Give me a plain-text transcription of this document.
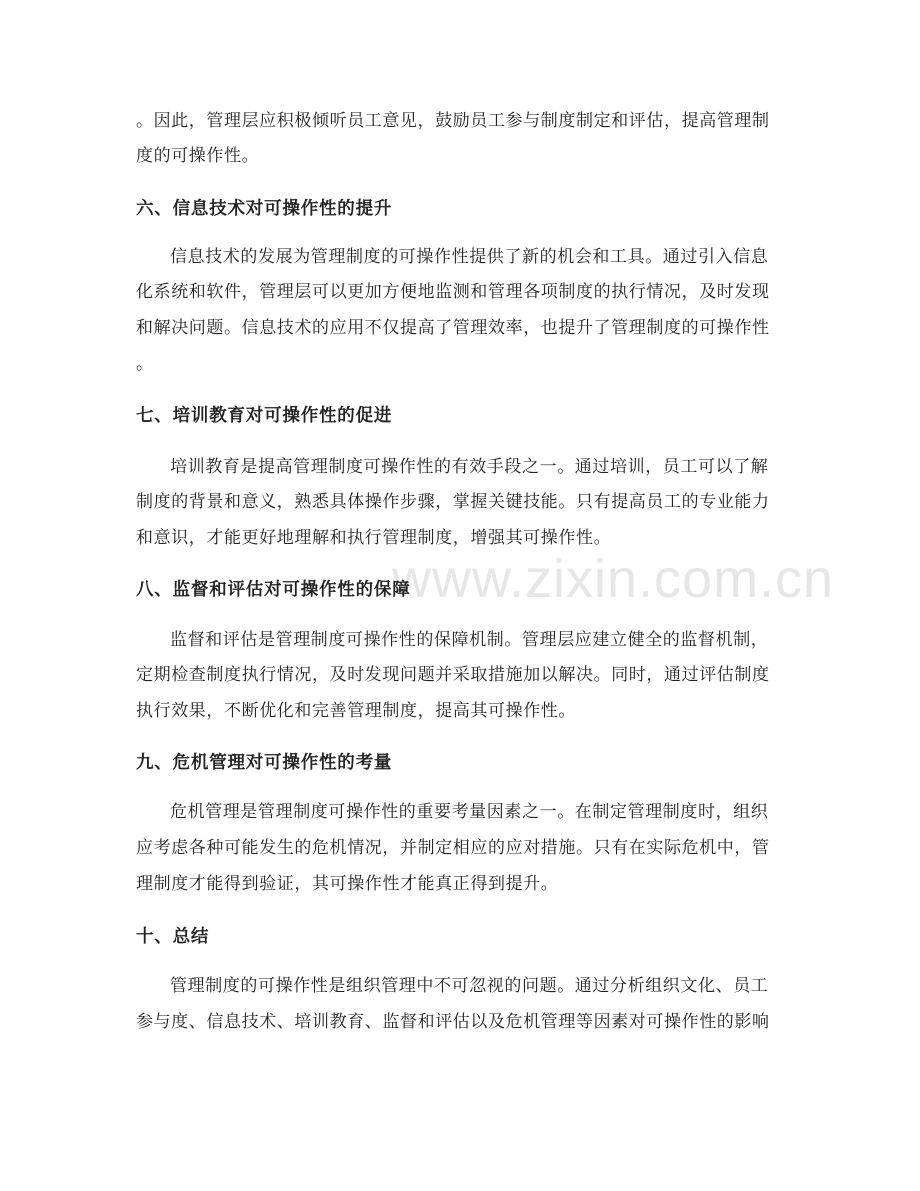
www.zixin.com.cn
。因此，管理层应积极倾听员工意见，鼓励员工参与制度制定和评估，提高管理制
度的可操作性。
六、信息技术对可操作性的提升
信息技术的发展为管理制度的可操作性提供了新的机会和工具。通过引入信息
化系统和软件，管理层可以更加方便地监测和管理各项制度的执行情况，及时发现
和解决问题。信息技术的应用不仅提高了管理效率，也提升了管理制度的可操作性
。
七、培训教育对可操作性的促进
培训教育是提高管理制度可操作性的有效手段之一。通过培训，员工可以了解
制度的背景和意义，熟悉具体操作步骤，掌握关键技能。只有提高员工的专业能力
和意识，才能更好地理解和执行管理制度，增强其可操作性。
八、监督和评估对可操作性的保障
监督和评估是管理制度可操作性的保障机制。管理层应建立健全的监督机制，
定期检查制度执行情况，及时发现问题并采取措施加以解决。同时，通过评估制度
执行效果，不断优化和完善管理制度，提高其可操作性。
九、危机管理对可操作性的考量
危机管理是管理制度可操作性的重要考量因素之一。在制定管理制度时，组织
应考虑各种可能发生的危机情况，并制定相应的应对措施。只有在实际危机中，管
理制度才能得到验证，其可操作性才能真正得到提升。
十、总结
管理制度的可操作性是组织管理中不可忽视的问题。通过分析组织文化、员工
参与度、信息技术、培训教育、监督和评估以及危机管理等因素对可操作性的影响
